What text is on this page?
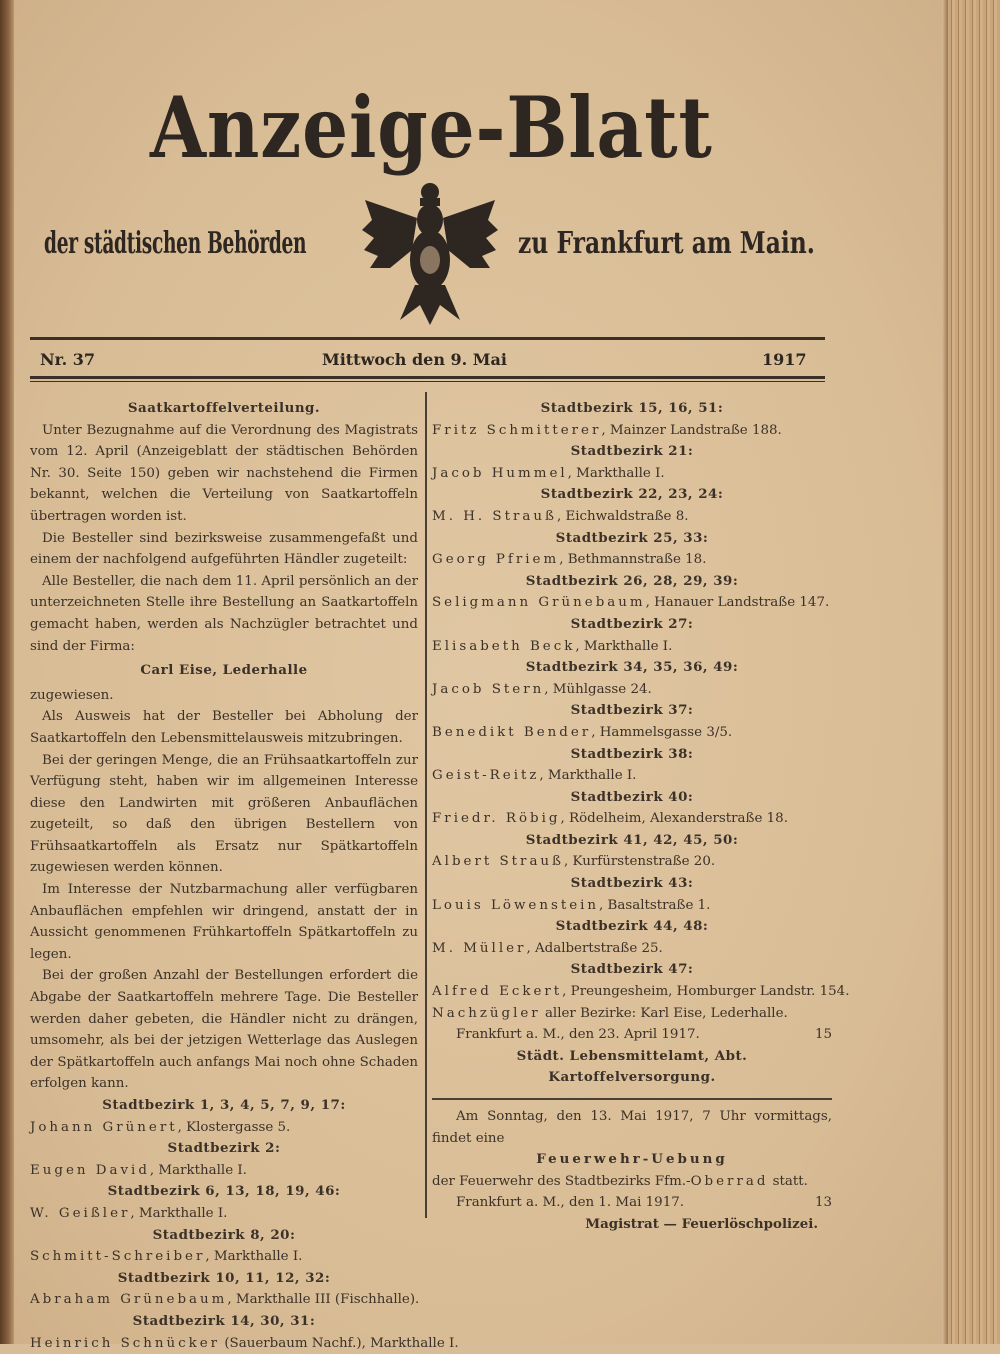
Anzeige-Blatt
der städtischen Behörden	zu Frankfurt am Main.
Nr. 37	Mittwoch den 9. Mai	1917
Saatkartoffelverteilung.

Unter Bezugnahme auf die Verordnung des Magistrats vom 12. April (Anzeigeblatt der städtischen Behörden Nr. 30. Seite 150) geben wir nachstehend die Firmen bekannt, welchen die Verteilung von Saatkartoffeln übertragen worden ist.

Die Besteller sind bezirksweise zusammengefaßt und einem der nachfolgend aufgeführten Händler zugeteilt:

Alle Besteller, die nach dem 11. April persönlich an der unterzeichneten Stelle ihre Bestellung an Saatkartoffeln gemacht haben, werden als Nachzügler betrachtet und sind der Firma:

Carl Eise, Lederhalle
zugewiesen.

Als Ausweis hat der Besteller bei Abholung der Saatkartoffeln den Lebensmittelausweis mitzubringen.

Bei der geringen Menge, die an Frühsaatkartoffeln zur Verfügung steht, haben wir im allgemeinen Interesse diese den Landwirten mit größeren Anbauflächen zugeteilt, so daß den übrigen Bestellern von Frühsaatkartoffeln als Ersatz nur Spätkartoffeln zugewiesen werden können.

Im Interesse der Nutzbarmachung aller verfügbaren Anbauflächen empfehlen wir dringend, anstatt der in Aussicht genommenen Frühkartoffeln Spätkartoffeln zu legen.

Bei der großen Anzahl der Bestellungen erfordert die Abgabe der Saatkartoffeln mehrere Tage. Die Besteller werden daher gebeten, die Händler nicht zu drängen, umsomehr, als bei der jetzigen Wetterlage das Auslegen der Spätkartoffeln auch anfangs Mai noch ohne Schaden erfolgen kann.

Stadtbezirk 1, 3, 4, 5, 7, 9, 17:
Johann Grünert, Klostergasse 5.
Stadtbezirk 2:
Eugen David, Markthalle I.
Stadtbezirk 6, 13, 18, 19, 46:
W. Geißler, Markthalle I.
Stadtbezirk 8, 20:
Schmitt-Schreiber, Markthalle I.
Stadtbezirk 10, 11, 12, 32:
Abraham Grünebaum, Markthalle III (Fischhalle).
Stadtbezirk 14, 30, 31:
Heinrich Schnücker (Sauerbaum Nachf.), Markthalle I.
Stadtbezirk 15, 16, 51:
Fritz Schmitterer, Mainzer Landstraße 188.
Stadtbezirk 21:
Jacob Hummel, Markthalle I.
Stadtbezirk 22, 23, 24:
M. H. Strauß, Eichwaldstraße 8.
Stadtbezirk 25, 33:
Georg Pfriem, Bethmannstraße 18.
Stadtbezirk 26, 28, 29, 39:
Seligmann Grünebaum, Hanauer Landstraße 147.
Stadtbezirk 27:
Elisabeth Beck, Markthalle I.
Stadtbezirk 34, 35, 36, 49:
Jacob Stern, Mühlgasse 24.
Stadtbezirk 37:
Benedikt Bender, Hammelsgasse 3/5.
Stadtbezirk 38:
Geist-Reitz, Markthalle I.
Stadtbezirk 40:
Friedr. Röbig, Rödelheim, Alexanderstraße 18.
Stadtbezirk 41, 42, 45, 50:
Albert Strauß, Kurfürstenstraße 20.
Stadtbezirk 43:
Louis Löwenstein, Basaltstraße 1.
Stadtbezirk 44, 48:
M. Müller, Adalbertstraße 25.
Stadtbezirk 47:
Alfred Eckert, Preungesheim, Homburger Landstr. 154.
Nachzügler aller Bezirke: Karl Eise, Lederhalle.
Frankfurt a. M., den 23. April 1917.	15
Städt. Lebensmittelamt, Abt. Kartoffelversorgung.

Am Sonntag, den 13. Mai 1917, 7 Uhr vormittags, findet eine

Feuerwehr-Uebung
der Feuerwehr des Stadtbezirks Ffm.-Oberrad statt.
Frankfurt a. M., den 1. Mai 1917.	13
Magistrat — Feuerlöschpolizei.
